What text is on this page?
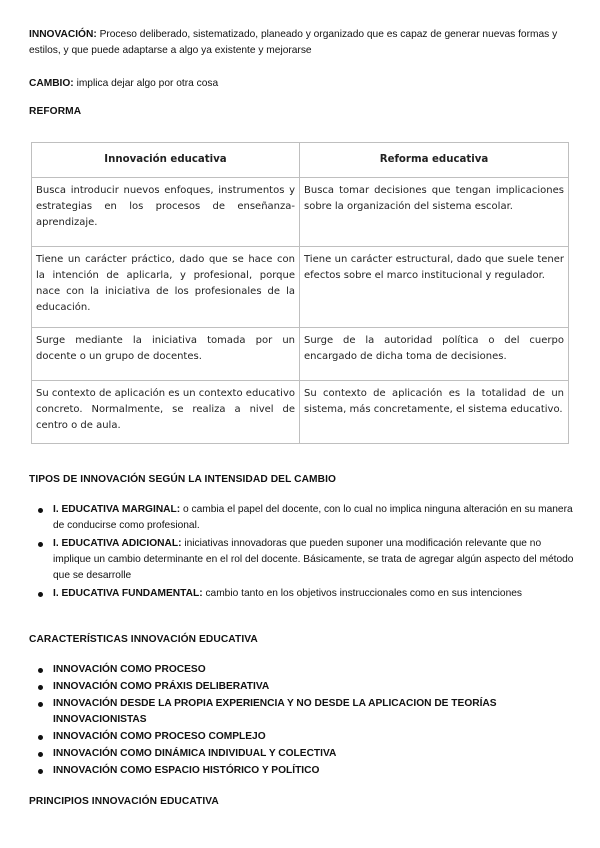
INNOVACIÓN: Proceso deliberado, sistematizado, planeado y organizado que es capaz de generar nuevas formas y estilos, y que puede adaptarse a algo ya existente y mejorarse

CAMBIO: implica dejar algo por otra cosa

REFORMA
Innovación educativa	Reforma educativa

Busca introducir nuevos enfoques, instrumentos y estrategias en los procesos de enseñanza-aprendizaje.	Busca tomar decisiones que tengan implicaciones sobre la organización del sistema escolar.

Tiene un carácter práctico, dado que se hace con la intención de aplicarla, y profesional, porque nace con la iniciativa de los profesionales de la educación.	Tiene un carácter estructural, dado que suele tener efectos sobre el marco institucional y regulador.

Surge mediante la iniciativa tomada por un docente o un grupo de docentes.	Surge de la autoridad política o del cuerpo encargado de dicha toma de decisiones.

Su contexto de aplicación es un contexto educativo concreto. Normalmente, se realiza a nivel de centro o de aula.	Su contexto de aplicación es la totalidad de un sistema, más concretamente, el sistema educativo.
TIPOS DE INNOVACIÓN SEGÚN LA INTENSIDAD DEL CAMBIO
I. EDUCATIVA MARGINAL: o cambia el papel del docente, con lo cual no implica ninguna alteración en su manera de conducirse como profesional.
I. EDUCATIVA ADICIONAL: iniciativas innovadoras que pueden suponer una modificación relevante que no implique un cambio determinante en el rol del docente. Básicamente, se trata de agregar algún aspecto del método que se desarrolle
I. EDUCATIVA FUNDAMENTAL: cambio tanto en los objetivos instruccionales como en sus intenciones
CARACTERÍSTICAS INNOVACIÓN EDUCATIVA
INNOVACIÓN COMO PROCESO
INNOVACIÓN COMO PRÁXIS DELIBERATIVA
INNOVACIÓN DESDE LA PROPIA EXPERIENCIA Y NO DESDE LA APLICACION DE TEORÍAS INNOVACIONISTAS
INNOVACIÓN COMO PROCESO COMPLEJO
INNOVACIÓN COMO DINÁMICA INDIVIDUAL Y COLECTIVA
INNOVACIÓN COMO ESPACIO HISTÓRICO Y POLÍTICO
PRINCIPIOS INNOVACIÓN EDUCATIVA
